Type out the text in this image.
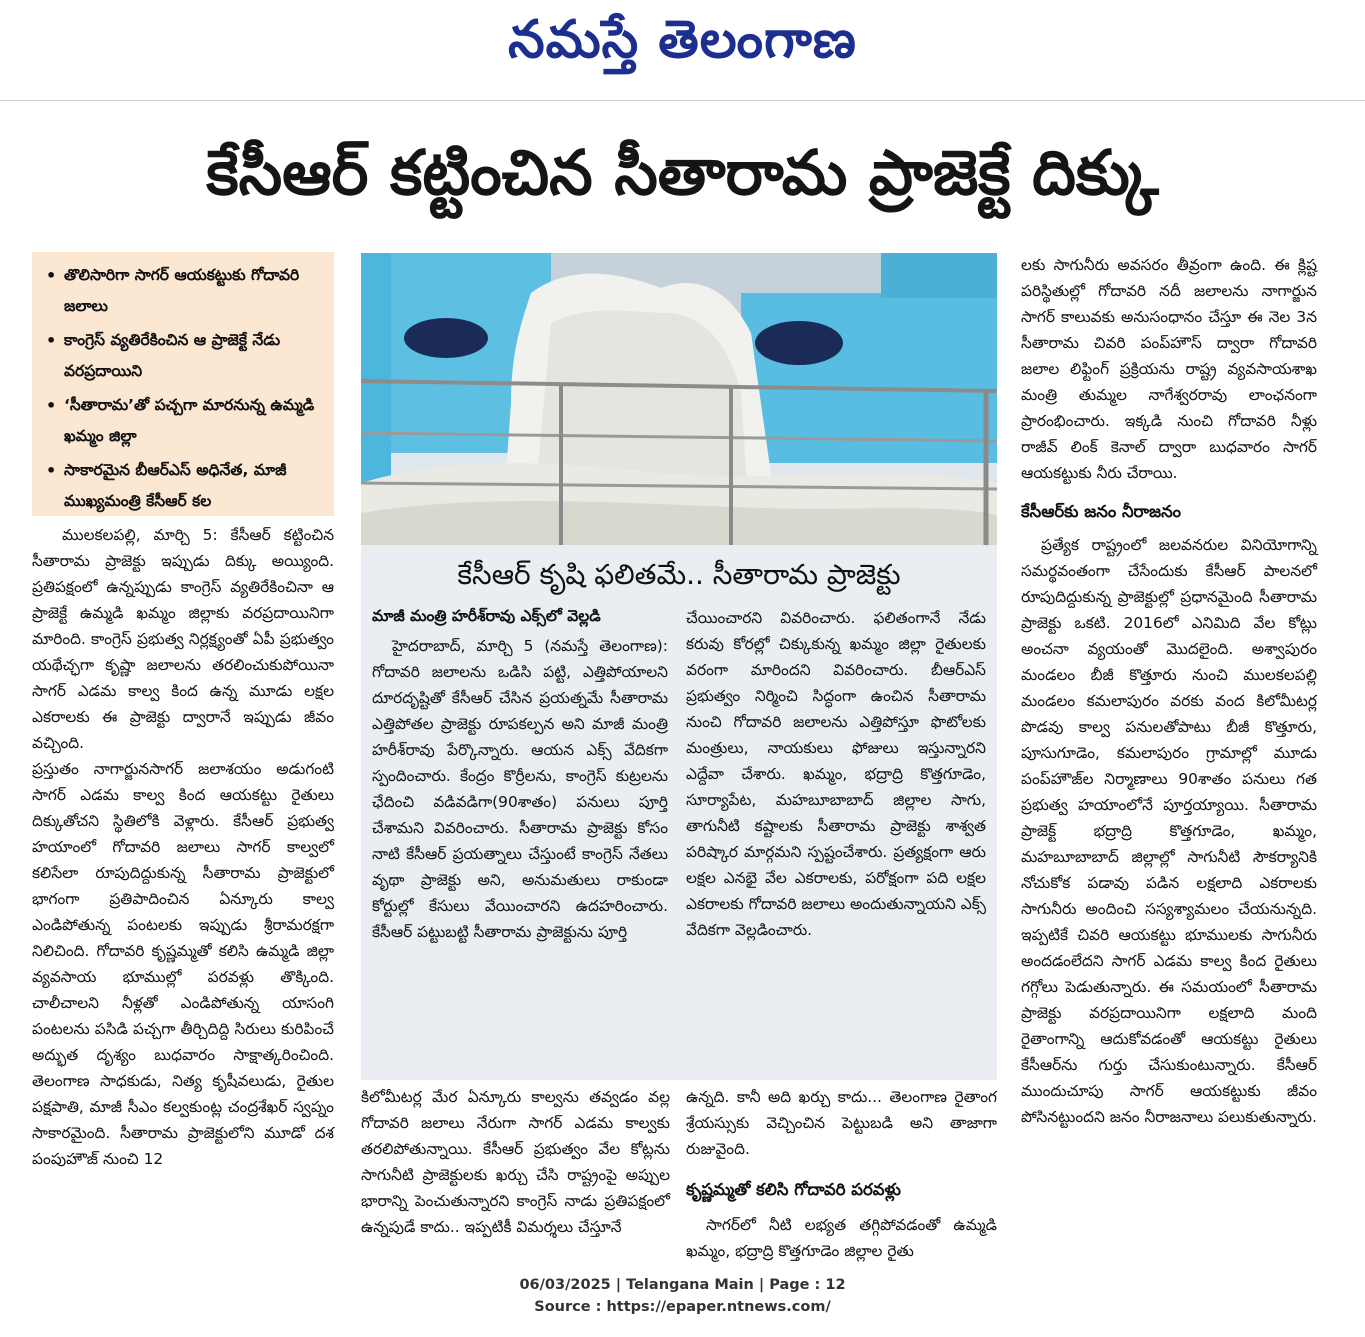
నమస్తే తెలంగాణ
కేసీఆర్ కట్టించిన సీతారామ ప్రాజెక్టే దిక్కు
• తొలిసారిగా సాగర్ ఆయకట్టుకు గోదావరి జలాలు
• కాంగ్రెస్ వ్యతిరేకించిన ఆ ప్రాజెక్టే నేడు వరప్రదాయిని
• ‘సీతారామ’తో పచ్చగా మారనున్న ఉమ్మడి ఖమ్మం జిల్లా
• సాకారమైన బీఆర్ఎస్ అధినేత, మాజీ ముఖ్యమంత్రి కేసీఆర్ కల

ములకలపల్లి, మార్చి 5: కేసీఆర్ కట్టించిన సీతారామ ప్రాజెక్టు ఇప్పుడు దిక్కు అయ్యింది. ప్రతిపక్షంలో ఉన్నప్పుడు కాంగ్రెస్ వ్యతిరేకించినా ఆ ప్రాజెక్టే ఉమ్మడి ఖమ్మం జిల్లాకు వరప్రదాయినిగా మారింది. కాంగ్రెస్ ప్రభుత్వ నిర్లక్ష్యంతో ఏపీ ప్రభుత్వం యథేచ్ఛగా కృష్ణా జలాలను తరలించుకుపోయినా సాగర్ ఎడమ కాల్వ కింద ఉన్న మూడు లక్షల ఎకరాలకు ఈ ప్రాజెక్టు ద్వారానే ఇప్పుడు జీవం వచ్చింది.

ప్రస్తుతం నాగార్జునసాగర్ జలాశయం అడుగంటి సాగర్ ఎడమ కాల్వ కింద ఆయకట్టు రైతులు దిక్కుతోచని స్థితిలోకి వెళ్లారు. కేసీఆర్ ప్రభుత్వ హయాంలో గోదావరి జలాలు సాగర్ కాల్వలో కలిసేలా రూపుదిద్దుకున్న సీతారామ ప్రాజెక్టులో భాగంగా ప్రతిపాదించిన ఏన్కూరు కాల్వ ఎండిపోతున్న పంటలకు ఇప్పుడు శ్రీరామరక్షగా నిలిచింది. గోదావరి కృష్ణమ్మతో కలిసి ఉమ్మడి జిల్లా వ్యవసాయ భూముల్లో పరవళ్లు తొక్కింది. చాలీచాలని నీళ్లతో ఎండిపోతున్న యాసంగి పంటలను పసిడి పచ్చగా తీర్చిదిద్ది సిరులు కురిపించే అద్భుత దృశ్యం బుధవారం సాక్షాత్కరించింది. తెలంగాణ సాధకుడు, నిత్య కృషీవలుడు, రైతుల పక్షపాతి, మాజీ సీఎం కల్వకుంట్ల చంద్రశేఖర్ స్వప్నం సాకారమైంది. సీతారామ ప్రాజెక్టులోని మూడో దశ పంపుహౌజ్ నుంచి 12

కేసీఆర్ కృషి ఫలితమే.. సీతారామ ప్రాజెక్టు
మాజీ మంత్రి హరీశ్‌రావు ఎక్స్‌లో వెల్లడి

హైదరాబాద్, మార్చి 5 (నమస్తే తెలంగాణ): గోదావరి జలాలను ఒడిసి పట్టి, ఎత్తిపోయాలని దూరదృష్టితో కేసీఆర్ చేసిన ప్రయత్నమే సీతారామ ఎత్తిపోతల ప్రాజెక్టు రూపకల్పన అని మాజీ మంత్రి హరీశ్‌రావు పేర్కొన్నారు. ఆయన ఎక్స్ వేదికగా స్పందించారు. కేంద్రం కొర్రీలను, కాంగ్రెస్ కుట్రలను ఛేదించి వడివడిగా(90శాతం) పనులు పూర్తి చేశామని వివరించారు. సీతారామ ప్రాజెక్టు కోసం నాటి కేసీఆర్ ప్రయత్నాలు చేస్తుంటే కాంగ్రెస్ నేతలు వృథా ప్రాజెక్టు అని, అనుమతులు రాకుండా కోర్టుల్లో కేసులు వేయించారని ఉదహరించారు. కేసీఆర్ పట్టుబట్టి సీతారామ ప్రాజెక్టును పూర్తి

చేయించారని వివరించారు. ఫలితంగానే నేడు కరువు కోరల్లో చిక్కుకున్న ఖమ్మం జిల్లా రైతులకు వరంగా మారిందని వివరించారు. బీఆర్ఎస్ ప్రభుత్వం నిర్మించి సిద్ధంగా ఉంచిన సీతారామ నుంచి గోదావరి జలాలను ఎత్తిపోస్తూ ఫొటోలకు మంత్రులు, నాయకులు ఫోజులు ఇస్తున్నారని ఎద్దేవా చేశారు. ఖమ్మం, భద్రాద్రి కొత్తగూడెం, సూర్యాపేట, మహబూబాబాద్ జిల్లాల సాగు, తాగునీటి కష్టాలకు సీతారామ ప్రాజెక్టు శాశ్వత పరిష్కార మార్గమని స్పష్టంచేశారు. ప్రత్యక్షంగా ఆరు లక్షల ఎనభై వేల ఎకరాలకు, పరోక్షంగా పది లక్షల ఎకరాలకు గోదావరి జలాలు అందుతున్నాయని ఎక్స్ వేదికగా వెల్లడించారు.

కిలోమీటర్ల మేర ఏన్కూరు కాల్వను తవ్వడం వల్ల గోదావరి జలాలు నేరుగా సాగర్ ఎడమ కాల్వకు తరలిపోతున్నాయి. కేసీఆర్ ప్రభుత్వం వేల కోట్లను సాగునీటి ప్రాజెక్టులకు ఖర్చు చేసి రాష్ట్రంపై అప్పుల భారాన్ని పెంచుతున్నారని కాంగ్రెస్ నాడు ప్రతిపక్షంలో ఉన్నపుడే కాదు.. ఇప్పటికీ విమర్శలు చేస్తూనే

ఉన్నది. కానీ అది ఖర్చు కాదు... తెలంగాణ రైతాంగ శ్రేయస్సుకు వెచ్చించిన పెట్టుబడి అని తాజాగా రుజువైంది.

కృష్ణమ్మతో కలిసి గోదావరి పరవళ్లు

సాగర్‌లో నీటి లభ్యత తగ్గిపోవడంతో ఉమ్మడి ఖమ్మం, భద్రాద్రి కొత్తగూడెం జిల్లాల రైతు

లకు సాగునీరు అవసరం తీవ్రంగా ఉంది. ఈ క్లిష్ట పరిస్థితుల్లో గోదావరి నదీ జలాలను నాగార్జున సాగర్ కాలువకు అనుసంధానం చేస్తూ ఈ నెల 3న సీతారామ చివరి పంప్‌హౌస్ ద్వారా గోదావరి జలాల లిఫ్టింగ్ ప్రక్రియను రాష్ట్ర వ్యవసాయశాఖ మంత్రి తుమ్మల నాగేశ్వరరావు లాంఛనంగా ప్రారంభించారు. ఇక్కడి నుంచి గోదావరి నీళ్లు రాజీవ్ లింక్ కెనాల్ ద్వారా బుధవారం సాగర్ ఆయకట్టుకు నీరు చేరాయి.

కేసీఆర్‌కు జనం నీరాజనం

ప్రత్యేక రాష్ట్రంలో జలవనరుల వినియోగాన్ని సమర్థవంతంగా చేసేందుకు కేసీఆర్ పాలనలో రూపుదిద్దుకున్న ప్రాజెక్టుల్లో ప్రధానమైంది సీతారామ ప్రాజెక్టు ఒకటి. 2016లో ఎనిమిది వేల కోట్లు అంచనా వ్యయంతో మొదలైంది. అశ్వాపురం మండలం బీజీ కొత్తూరు నుంచి ములకలపల్లి మండలం కమలాపురం వరకు వంద కిలోమీటర్ల పొడవు కాల్వ పనులతోపాటు బీజీ కొత్తూరు, పూసుగూడెం, కమలాపురం గ్రామాల్లో మూడు పంప్‌హౌజ్‌ల నిర్మాణాలు 90శాతం పనులు గత ప్రభుత్వ హయాంలోనే పూర్తయ్యాయి. సీతారామ ప్రాజెక్ట్ భద్రాద్రి కొత్తగూడెం, ఖమ్మం, మహబూబాబాద్ జిల్లాల్లో సాగునీటి సౌకర్యానికి నోచుకోక పడావు పడిన లక్షలాది ఎకరాలకు సాగునీరు అందించి సస్యశ్యామలం చేయనున్నది. ఇప్పటికే చివరి ఆయకట్టు భూములకు సాగునీరు అందడంలేదని సాగర్ ఎడమ కాల్వ కింద రైతులు గగ్గోలు పెడుతున్నారు. ఈ సమయంలో సీతారామ ప్రాజెక్టు వరప్రదాయినిగా లక్షలాది మంది రైతాంగాన్ని ఆదుకోవడంతో ఆయకట్టు రైతులు కేసీఆర్‌ను గుర్తు చేసుకుంటున్నారు. కేసీఆర్ ముందుచూపు సాగర్ ఆయకట్టుకు జీవం పోసినట్టుందని జనం నీరాజనాలు పలుకుతున్నారు.

06/03/2025 | Telangana Main | Page : 12
Source : https://epaper.ntnews.com/
